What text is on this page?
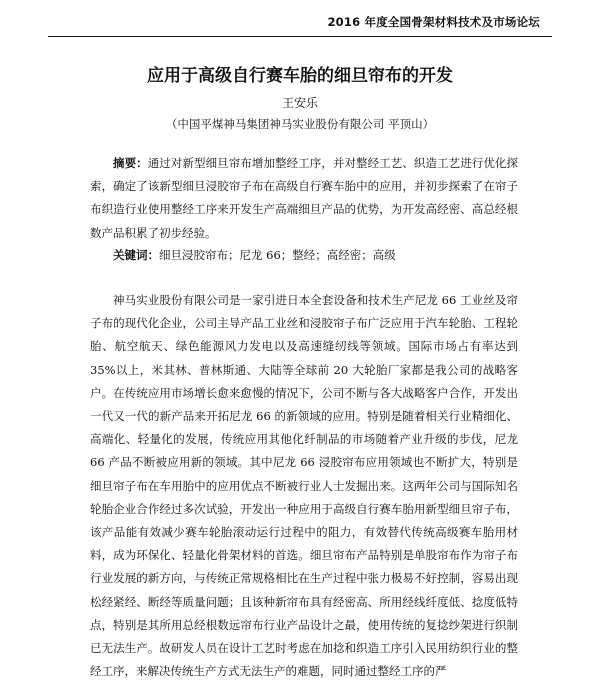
2016 年度全国骨架材料技术及市场论坛
应用于高级自行赛车胎的细旦帘布的开发
王安乐
（中国平煤神马集团神马实业股份有限公司 平顶山）

摘要：通过对新型细旦帘布增加整经工序，并对整经工艺、织造工艺进行优化探索，确定了该新型细旦浸胶帘子布在高级自行赛车胎中的应用，并初步探索了在帘子布织造行业使用整经工序来开发生产高端细旦产品的优势，为开发高经密、高总经根数产品积累了初步经验。

关键词：细旦浸胶帘布；尼龙 66；整经；高经密；高级

神马实业股份有限公司是一家引进日本全套设备和技术生产尼龙 66 工业丝及帘子布的现代化企业，公司主导产品工业丝和浸胶帘子布广泛应用于汽车轮胎、工程轮胎、航空航天、绿色能源风力发电以及高速缝纫线等领域。国际市场占有率达到 35%以上，米其林、普林斯通、大陆等全球前 20 大轮胎厂家都是我公司的战略客户。在传统应用市场增长愈来愈慢的情况下，公司不断与各大战略客户合作，开发出一代又一代的新产品来开拓尼龙 66 的新领域的应用。特别是随着相关行业精细化、高端化、轻量化的发展，传统应用其他化纤制品的市场随着产业升级的步伐，尼龙 66 产品不断被应用新的领域。其中尼龙 66 浸胶帘布应用领域也不断扩大，特别是细旦帘子布在车用胎中的应用优点不断被行业人士发掘出来。这两年公司与国际知名轮胎企业合作经过多次试验，开发出一种应用于高级自行赛车胎用新型细旦帘子布，该产品能有效减少赛车轮胎滚动运行过程中的阻力，有效替代传统高级赛车胎用材料，成为环保化、轻量化骨架材料的首选。细旦帘布产品特别是单股帘布作为帘子布行业发展的新方向，与传统正常规格相比在生产过程中张力极易不好控制，容易出现松经紧经、断经等质量问题；且该种新帘布具有经密高、所用经线纤度低、捻度低特点，特别是其所用总经根数远帘布行业产品设计之最，使用传统的复捻纱架进行织制已无法生产。故研发人员在设计工艺时考虑在加捻和织造工序引入民用纺织行业的整经工序，来解决传统生产方式无法生产的难题，同时通过整经工序的严
